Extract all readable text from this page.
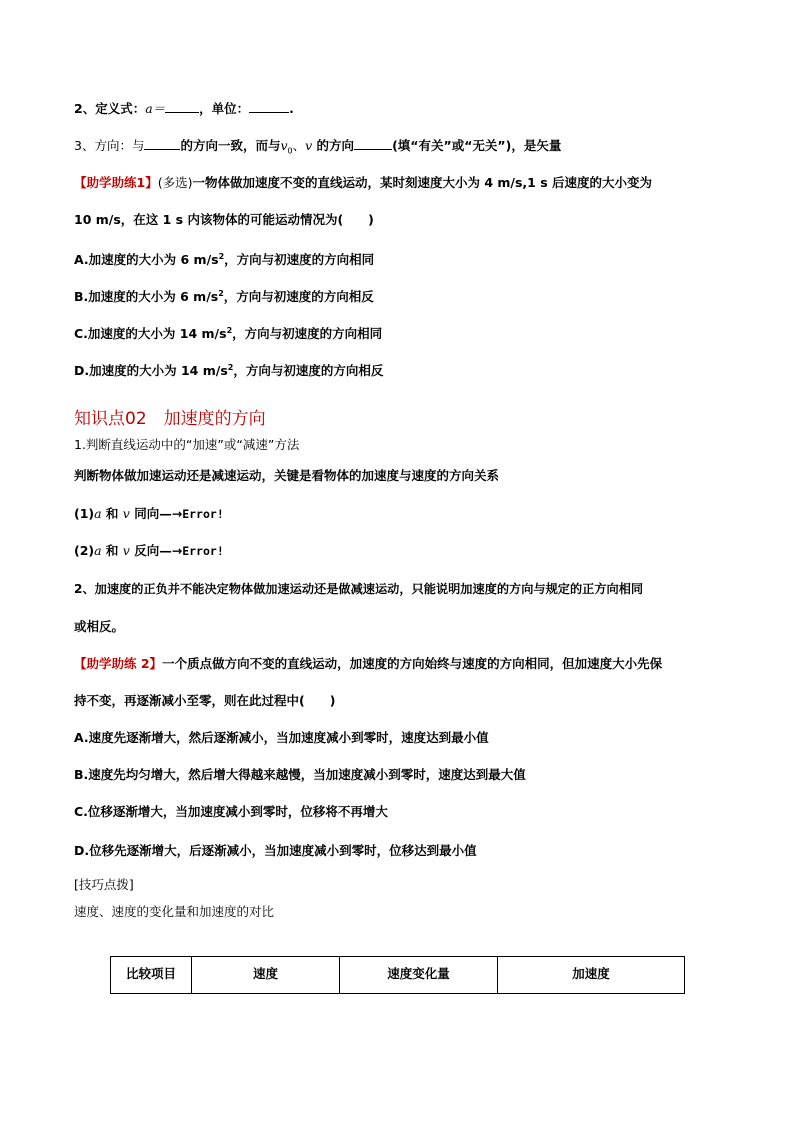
2、定义式：a＝	，单位：	.
3、方向：与	的方向一致，而与$v_0$、v 的方向	(填“有关”或“无关”)，是矢量
【助学助练1】(多选)一物体做加速度不变的直线运动，某时刻速度大小为 4 m/s,1 s 后速度的大小变为
10 m/s，在这 1 s 内该物体的可能运动情况为(　　)
A.加速度的大小为 6 $m/s^2$，方向与初速度的方向相同
B.加速度的大小为 6 $m/s^2$，方向与初速度的方向相反
C.加速度的大小为 14 $m/s^2$，方向与初速度的方向相同
D.加速度的大小为 14 $m/s^2$，方向与初速度的方向相反
知识点02　加速度的方向
1.判断直线运动中的“加速”或“减速”方法
判断物体做加速运动还是减速运动，关键是看物体的加速度与速度的方向关系
(1)a 和 v 同向—→Error!
(2)a 和 v 反向—→Error!
2、加速度的正负并不能决定物体做加速运动还是做减速运动，只能说明加速度的方向与规定的正方向相同
或相反。
【助学助练 2】一个质点做方向不变的直线运动，加速度的方向始终与速度的方向相同，但加速度大小先保
持不变，再逐渐减小至零，则在此过程中(　　)
A.速度先逐渐增大，然后逐渐减小，当加速度减小到零时，速度达到最小值
B.速度先均匀增大，然后增大得越来越慢，当加速度减小到零时，速度达到最大值
C.位移逐渐增大，当加速度减小到零时，位移将不再增大
D.位移先逐渐增大，后逐渐减小，当加速度减小到零时，位移达到最小值
[技巧点拨]
速度、速度的变化量和加速度的对比
比较项目	速度	速度变化量	加速度
